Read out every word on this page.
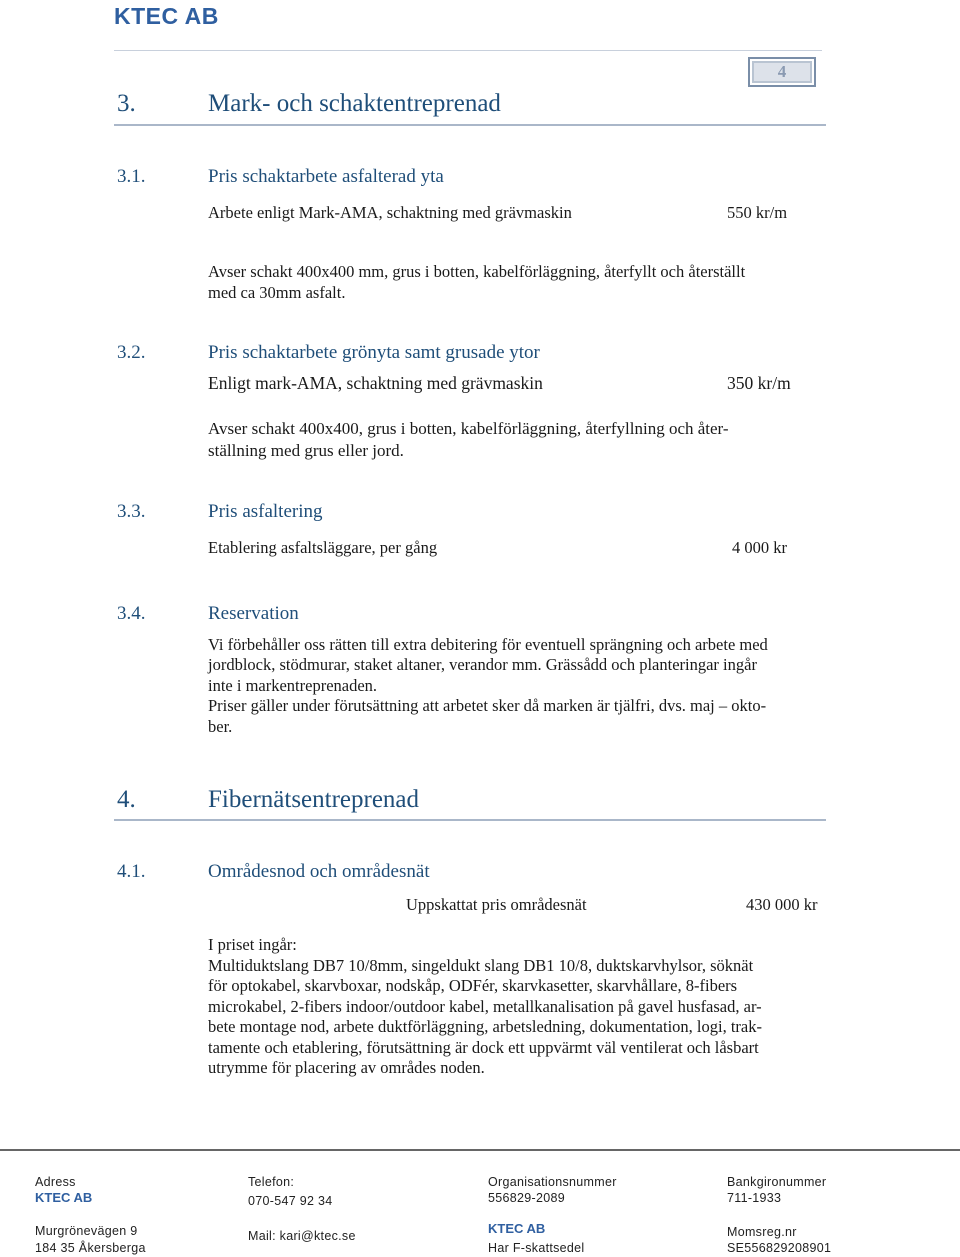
KTEC AB
4
3.	Mark- och schaktentreprenad
3.1.	Pris schaktarbete asfalterad yta
Arbete enligt Mark-AMA, schaktning med grävmaskin	550 kr/m
Avser schakt 400x400 mm, grus i botten, kabelförläggning, återfyllt och återställt
med ca 30mm asfalt.
3.2.	Pris schaktarbete grönyta samt grusade ytor
Enligt mark-AMA, schaktning med grävmaskin	350 kr/m
Avser schakt 400x400, grus i botten, kabelförläggning, återfyllning och åter-
ställning med grus eller jord.
3.3.	Pris asfaltering
Etablering asfaltsläggare, per gång	4 000 kr
3.4.	Reservation
Vi förbehåller oss rätten till extra debitering för eventuell sprängning och arbete med
jordblock, stödmurar, staket altaner, verandor mm. Grässådd och planteringar ingår
inte i markentreprenaden.
Priser gäller under förutsättning att arbetet sker då marken är tjälfri, dvs. maj – okto-
ber.
4.	Fibernätsentreprenad
4.1.	Områdesnod och områdesnät
Uppskattat pris områdesnät	430 000 kr
I priset ingår:
Multiduktslang DB7 10/8mm, singeldukt slang DB1 10/8, duktskarvhylsor, söknät
för optokabel, skarvboxar, nodskåp, ODFér, skarvkasetter, skarvhållare, 8-fibers
microkabel, 2-fibers indoor/outdoor kabel, metallkanalisation på gavel husfasad, ar-
bete montage nod, arbete duktförläggning, arbetsledning, dokumentation, logi, trak-
tamente och etablering, förutsättning är dock ett uppvärmt väl ventilerat och låsbart
utrymme för placering av områdes noden.
Adress
KTEC AB
Murgrönevägen 9
184 35 Åkersberga
Telefon:
070-547 92 34
Mail: kari@ktec.se
Organisationsnummer
556829-2089
KTEC AB
Har F-skattsedel
Bankgironummer
711-1933
Momsreg.nr
SE556829208901
